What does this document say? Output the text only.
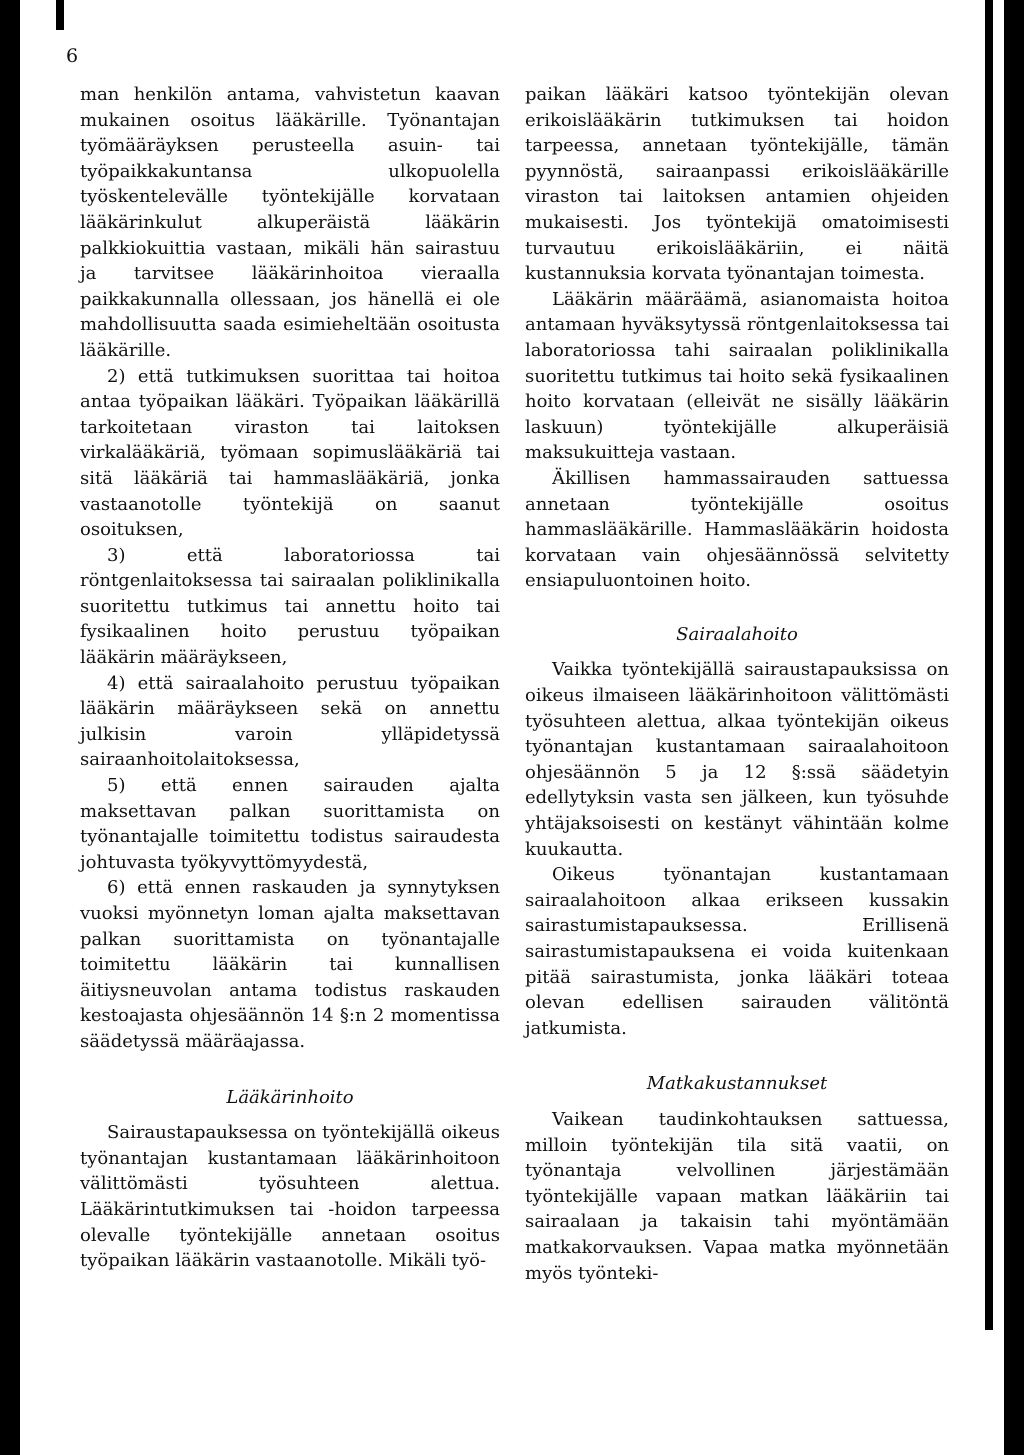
6

man henkilön antama, vahvistetun kaavan mukainen osoitus lääkärille. Työnantajan työmääräyksen perusteella asuin- tai työpaikkakuntansa ulkopuolella työskentelevälle työntekijälle korvataan lääkärinkulut alkuperäistä lääkärin palkkiokuittia vastaan, mikäli hän sairastuu ja tarvitsee lääkärinhoitoa vieraalla paikkakunnalla ollessaan, jos hänellä ei ole mahdollisuutta saada esimieheltään osoitusta lääkärille.

2) että tutkimuksen suorittaa tai hoitoa antaa työpaikan lääkäri. Työpaikan lääkärillä tarkoitetaan viraston tai laitoksen virkalääkäriä, työmaan sopimuslääkäriä tai sitä lääkäriä tai hammaslääkäriä, jonka vastaanotolle työntekijä on saanut osoituksen,

3) että laboratoriossa tai röntgenlaitoksessa tai sairaalan poliklinikalla suoritettu tutkimus tai annettu hoito tai fysikaalinen hoito perustuu työpaikan lääkärin määräykseen,

4) että sairaalahoito perustuu työpaikan lääkärin määräykseen sekä on annettu julkisin varoin ylläpidetyssä sairaanhoitolaitoksessa,

5) että ennen sairauden ajalta maksettavan palkan suorittamista on työnantajalle toimitettu todistus sairaudesta johtuvasta työkyvyttömyydestä,

6) että ennen raskauden ja synnytyksen vuoksi myönnetyn loman ajalta maksettavan palkan suorittamista on työnantajalle toimitettu lääkärin tai kunnallisen äitiysneuvolan antama todistus raskauden kestoajasta ohjesäännön 14 §:n 2 momentissa säädetyssä määräajassa.

Lääkärinhoito

Sairaustapauksessa on työntekijällä oikeus työnantajan kustantamaan lääkärinhoitoon välittömästi työsuhteen alettua. Lääkärintutkimuksen tai -hoidon tarpeessa olevalle työntekijälle annetaan osoitus työpaikan lääkärin vastaanotolle. Mikäli työ-

paikan lääkäri katsoo työntekijän olevan erikoislääkärin tutkimuksen tai hoidon tarpeessa, annetaan työntekijälle, tämän pyynnöstä, sairaanpassi erikoislääkärille viraston tai laitoksen antamien ohjeiden mukaisesti. Jos työntekijä omatoimisesti turvautuu erikoislääkäriin, ei näitä kustannuksia korvata työnantajan toimesta.

Lääkärin määräämä, asianomaista hoitoa antamaan hyväksytyssä röntgenlaitoksessa tai laboratoriossa tahi sairaalan poliklinikalla suoritettu tutkimus tai hoito sekä fysikaalinen hoito korvataan (elleivät ne sisälly lääkärin laskuun) työntekijälle alkuperäisiä maksukuitteja vastaan.

Äkillisen hammassairauden sattuessa annetaan työntekijälle osoitus hammaslääkärille. Hammaslääkärin hoidosta korvataan vain ohjesäännössä selvitetty ensiapuluontoinen hoito.

Sairaalahoito

Vaikka työntekijällä sairaustapauksissa on oikeus ilmaiseen lääkärinhoitoon välittömästi työsuhteen alettua, alkaa työntekijän oikeus työnantajan kustantamaan sairaalahoitoon ohjesäännön 5 ja 12 §:ssä säädetyin edellytyksin vasta sen jälkeen, kun työsuhde yhtäjaksoisesti on kestänyt vähintään kolme kuukautta.

Oikeus työnantajan kustantamaan sairaalahoitoon alkaa erikseen kussakin sairastumistapauksessa. Erillisenä sairastumistapauksena ei voida kuitenkaan pitää sairastumista, jonka lääkäri toteaa olevan edellisen sairauden välitöntä jatkumista.

Matkakustannukset

Vaikean taudinkohtauksen sattuessa, milloin työntekijän tila sitä vaatii, on työnantaja velvollinen järjestämään työntekijälle vapaan matkan lääkäriin tai sairaalaan ja takaisin tahi myöntämään matkakorvauksen. Vapaa matka myönnetään myös työnteki-
